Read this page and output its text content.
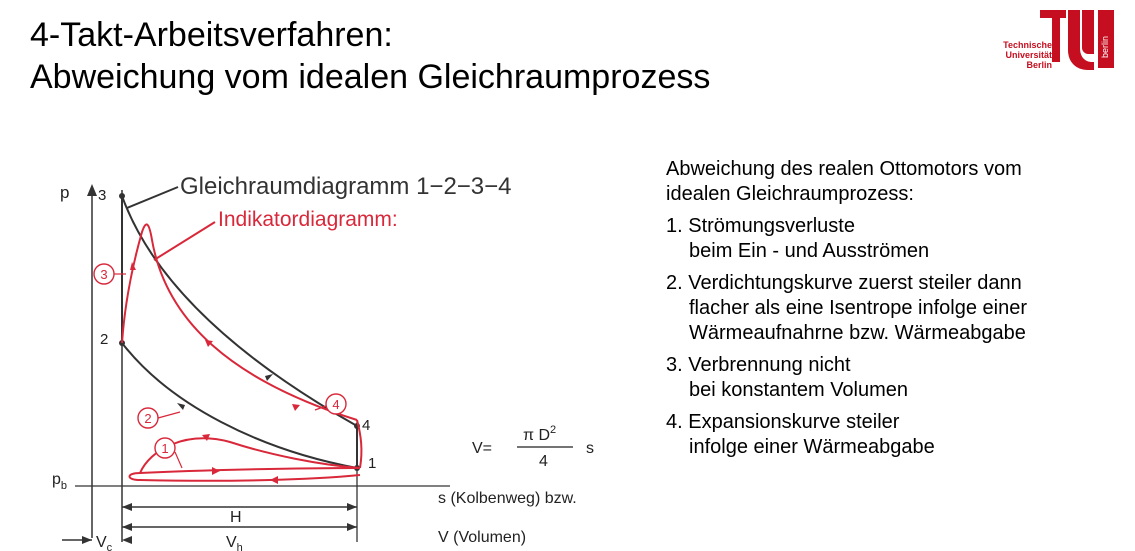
4-Takt-Arbeitsverfahren:
Abweichung vom idealen Gleichraumprozess
Technische
Universität
Berlin
berlin
p 3
2
4
1
$p_b$
3
2
1
4
Gleichraumdiagramm 1−2−3−4
Indikatordiagramm:
V=
π $D^2$
4
s
s (Kolbenweg) bzw.
V (Volumen)
H
$V_h$
$V_c$
Abweichung des realen Ottomotors vom
idealen Gleichraumprozess:
1. Strömungsverluste
beim Ein - und Ausströmen
2. Verdichtungskurve zuerst steiler dann
flacher als eine Isentrope infolge einer
Wärmeaufnahrne bzw. Wärmeabgabe
3. Verbrennung nicht
bei konstantem Volumen
4. Expansionskurve steiler
infolge einer Wärmeabgabe
